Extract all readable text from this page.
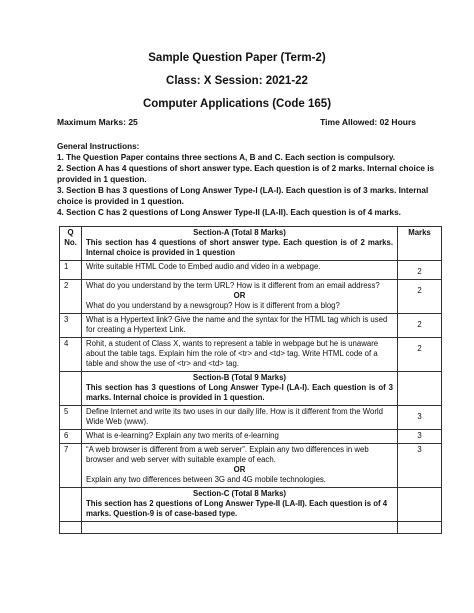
Sample Question Paper (Term-2)
Class: X Session: 2021-22
Computer Applications (Code 165)
Maximum Marks: 25	Time Allowed: 02 Hours
General Instructions:
1. The Question Paper contains three sections A, B and C. Each section is compulsory.
2. Section A has 4 questions of short answer type. Each question is of 2 marks. Internal choice is provided in 1 question.
3. Section B has 3 questions of Long Answer Type-I (LA-I). Each question is of 3 marks. Internal choice is provided in 1 question.
4. Section C has 2 questions of Long Answer Type-II (LA-II). Each question is of 4 marks.
Q No.	Section-A (Total 8 Marks)
This section has 4 questions of short answer type. Each question is of 2 marks. Internal choice is provided in 1 question	Marks
1	Write suitable HTML Code to Embed audio and video in a webpage.	2
2	What do you understand by the term URL? How is it different from an email address?
OR
What do you understand by a newsgroup? How is it different from a blog?	2
3	What is a Hypertext link? Give the name and the syntax for the HTML tag which is used for creating a Hypertext Link.	2
4	Rohit, a student of Class X, wants to represent a table in webpage but he is unaware about the table tags. Explain him the role of <tr> and <td> tag. Write HTML code of a table and show the use of <tr> and <td> tag.	2

	Section-B (Total 9 Marks)
This section has 3 questions of Long Answer Type-I (LA-I). Each question is of 3 marks. Internal choice is provided in 1 question.	

5	Define Internet and write its two uses in our daily life. How is it different from the World Wide Web (www).	3
6	What is e-learning? Explain any two merits of e-learning	3
7	“A web browser is different from a web server”. Explain any two differences in web browser and web server with suitable example of each.
OR
Explain any two differences between 3G and 4G mobile technologies.	3

	Section-C (Total 8 Marks)
This section has 2 questions of Long Answer Type-II (LA-II). Each question is of 4 marks. Question-9 is of case-based type.	
